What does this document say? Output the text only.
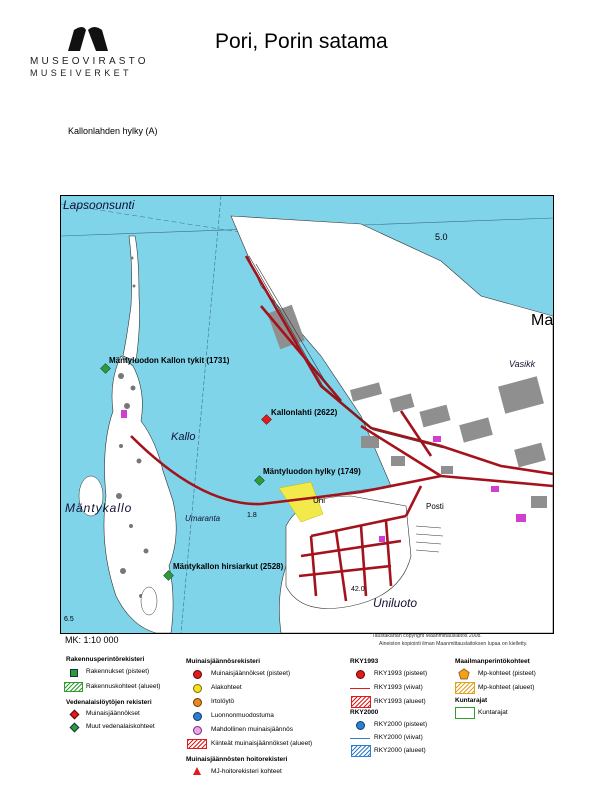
MUSEOVIRASTO
MUSEIVERKET
Pori, Porin satama
Kallonlahden hylky (A)
Lapsoonsunti
Kallo
Mäntykallo
Umaranta
Uniluoto
Vasikk
Ma
5.0
1.8
42.0
6.5
Posti
Uni
Mäntyluodon Kallon tykit (1731)
Kallonlahti (2622)
Mäntyluodon hylky (1749)
Mäntykallon hirsiarkut (2528)
MK: 1:10 000	Taustakartan copyright Maanmittauslaitos 2008.
Aineiston kopiointi ilman Maanmittauslaitoksen lupaa on kielletty.
Rakennusperintörekisteri
Rakennukset (pisteet)
Rakennuskohteet (alueet)
Vedenalaislöytöjen rekisteri
Muinaisjäännökset
Muut vedenalaiskohteet
Muinaisjäännösrekisteri
Muinaisjäännökset (pisteet)
Alakohteet
Irtolöytö
Luonnonmuodostuma
Mahdollinen muinaisjäännös
Kiinteät muinaisjäännökset (alueet)
Muinaisjäännösten hoitorekisteri
MJ-hoitorekisteri kohteet
RKY1993
RKY1993 (pisteet)
RKY1993 (viivat)
RKY1993 (alueet)
RKY2000
RKY2000 (pisteet)
RKY2000 (viivat)
RKY2000 (alueet)
Maailmanperintökohteet
Mp-kohteet (pisteet)
Mp-kohteet (alueet)
Kuntarajat
Kuntarajat
